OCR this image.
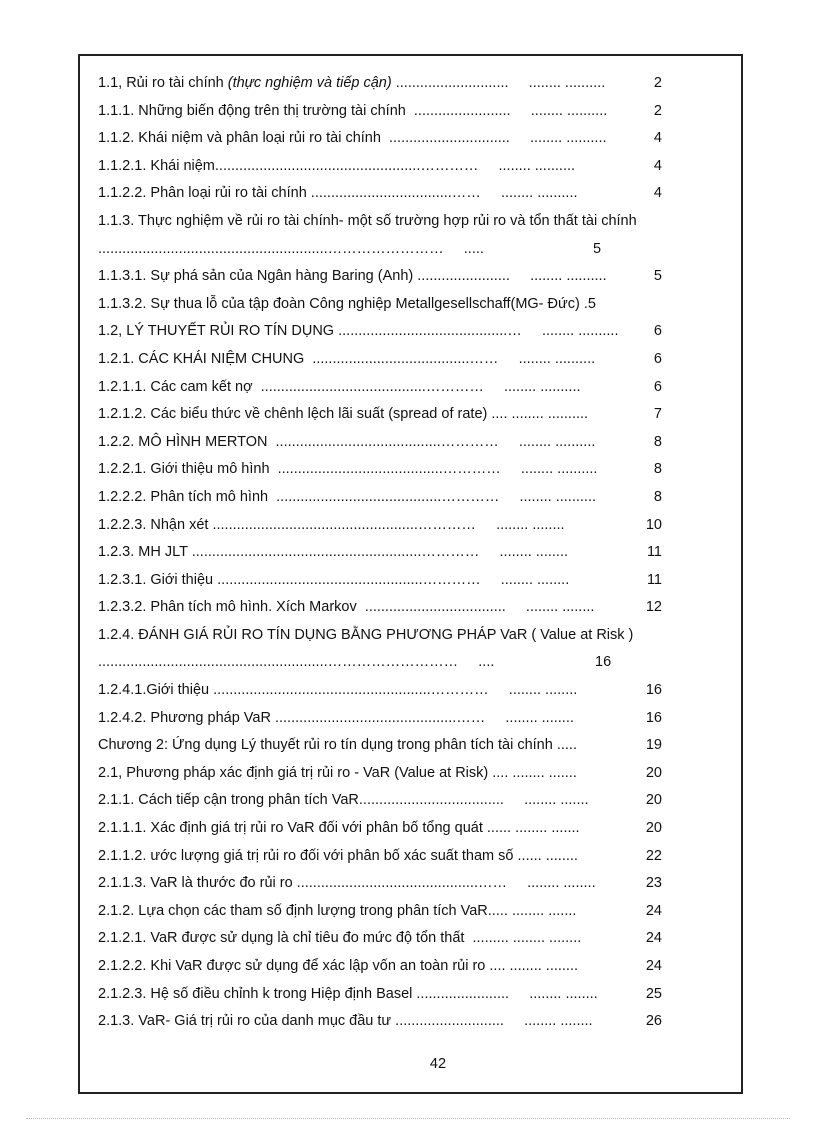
1.1, Rủi ro tài chính (thực nghiệm và tiếp cận) ............................     ........ ..........	2
1.1.1. Những biến động trên thị trường tài chính  ........................     ........ ..........	2
1.1.2. Khái niệm và phân loại rủi ro tài chính  ..............................     ........ ..........	4
1.1.2.1. Khái niệm...................................................…………     ........ ..........	4
1.1.2.2. Phân loại rủi ro tài chính ...................................……     ........ ..........	4
1.1.3. Thực nghiệm về rủi ro tài chính- một số trường hợp rủi ro và tổn thất tài chính
.........................................................……………………     .....	5
1.1.3.1. Sự phá sản của Ngân hàng Baring (Anh) .......................     ........ ..........	5
1.1.3.2. Sự thua lỗ của tập đoàn Công nghiệp Metallgesellschaff(MG- Đức) .5
1.2, LÝ THUYẾT RỦI RO TÍN DỤNG ..........................................…     ........ .......... 6
1.2.1. CÁC KHÁI NIỆM CHUNG  .......................................……     ........ ..........	6
1.2.1.1. Các cam kết nợ  .........................................…………     ........ ..........	6
1.2.1.2. Các biểu thức về chênh lệch lãi suất (spread of rate) .... ........ ..........	7
1.2.2. MÔ HÌNH MERTON  .........................................…………     ........ ..........	8
1.2.2.1. Giới thiệu mô hình  .........................................…………     ........ ..........	8
1.2.2.2. Phân tích mô hình  .........................................…………     ........ ..........	8
1.2.2.3. Nhận xét ...................................................…………     ........ ........	10
1.2.3. MH JLT .........................................................…………     ........ ........	11
1.2.3.1. Giới thiệu ...................................................…………     ........ ........	11
1.2.3.2. Phân tích mô hình. Xích Markov  ...................................     ........ ........	12
1.2.4. ĐÁNH GIÁ RỦI RO TÍN DỤNG BẰNG PHƯƠNG PHÁP VaR ( Value at Risk )
.........................................................………………………     ....	16
1.2.4.1.Giới thiệu ......................................................…………     ........ ........	16
1.2.4.2. Phương pháp VaR .............................................……     ........ ........	16
Chương 2: Ứng dụng Lý thuyết rủi ro tín dụng trong phân tích tài chính .....	19
2.1, Phương pháp xác định giá trị rủi ro - VaR (Value at Risk) .... ........ .......	20
2.1.1. Cách tiếp cận trong phân tích VaR....................................     ........ .......	20
2.1.1.1. Xác định giá trị rủi ro VaR đối với phân bố tổng quát ...... ........ .......	20
2.1.1.2. ước lượng giá trị rủi ro đối với phân bố xác suất tham số ...... ........	22
2.1.1.3. VaR là thước đo rủi ro .............................................……     ........ ........	23
2.1.2. Lựa chọn các tham số định lượng trong phân tích VaR..... ........ .......	24
2.1.2.1. VaR được sử dụng là chỉ tiêu đo mức độ tổn thất  ......... ........ ........	24
2.1.2.2. Khi VaR được sử dụng để xác lập vốn an toàn rủi ro .... ........ ........	24
2.1.2.3. Hệ số điều chỉnh k trong Hiệp định Basel .......................     ........ ........	25
2.1.3. VaR- Giá trị rủi ro của danh mục đầu tư ...........................     ........ ........	26
42
